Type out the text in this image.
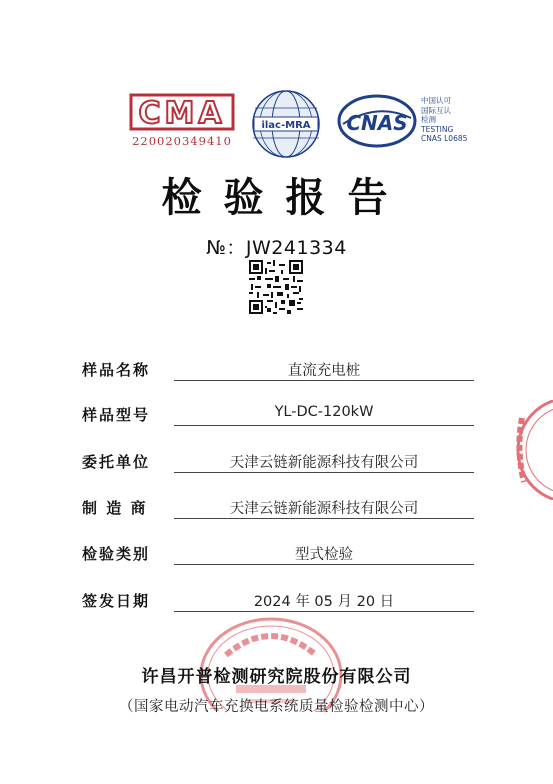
CMA
220020349410
ilac-MRA CNAS
中国认可
国际互认
检测
TESTING
CNAS L0685
检验报告
№：JW241334
样品名称	直流充电桩
样品型号	YL-DC-120kW
委托单位	天津云链新能源科技有限公司
制 造 商	天津云链新能源科技有限公司
检验类别	型式检验
签发日期	2024 年 05 月 20 日
许昌开普检测研究院股份有限公司
（国家电动汽车充换电系统质量检验检测中心）
